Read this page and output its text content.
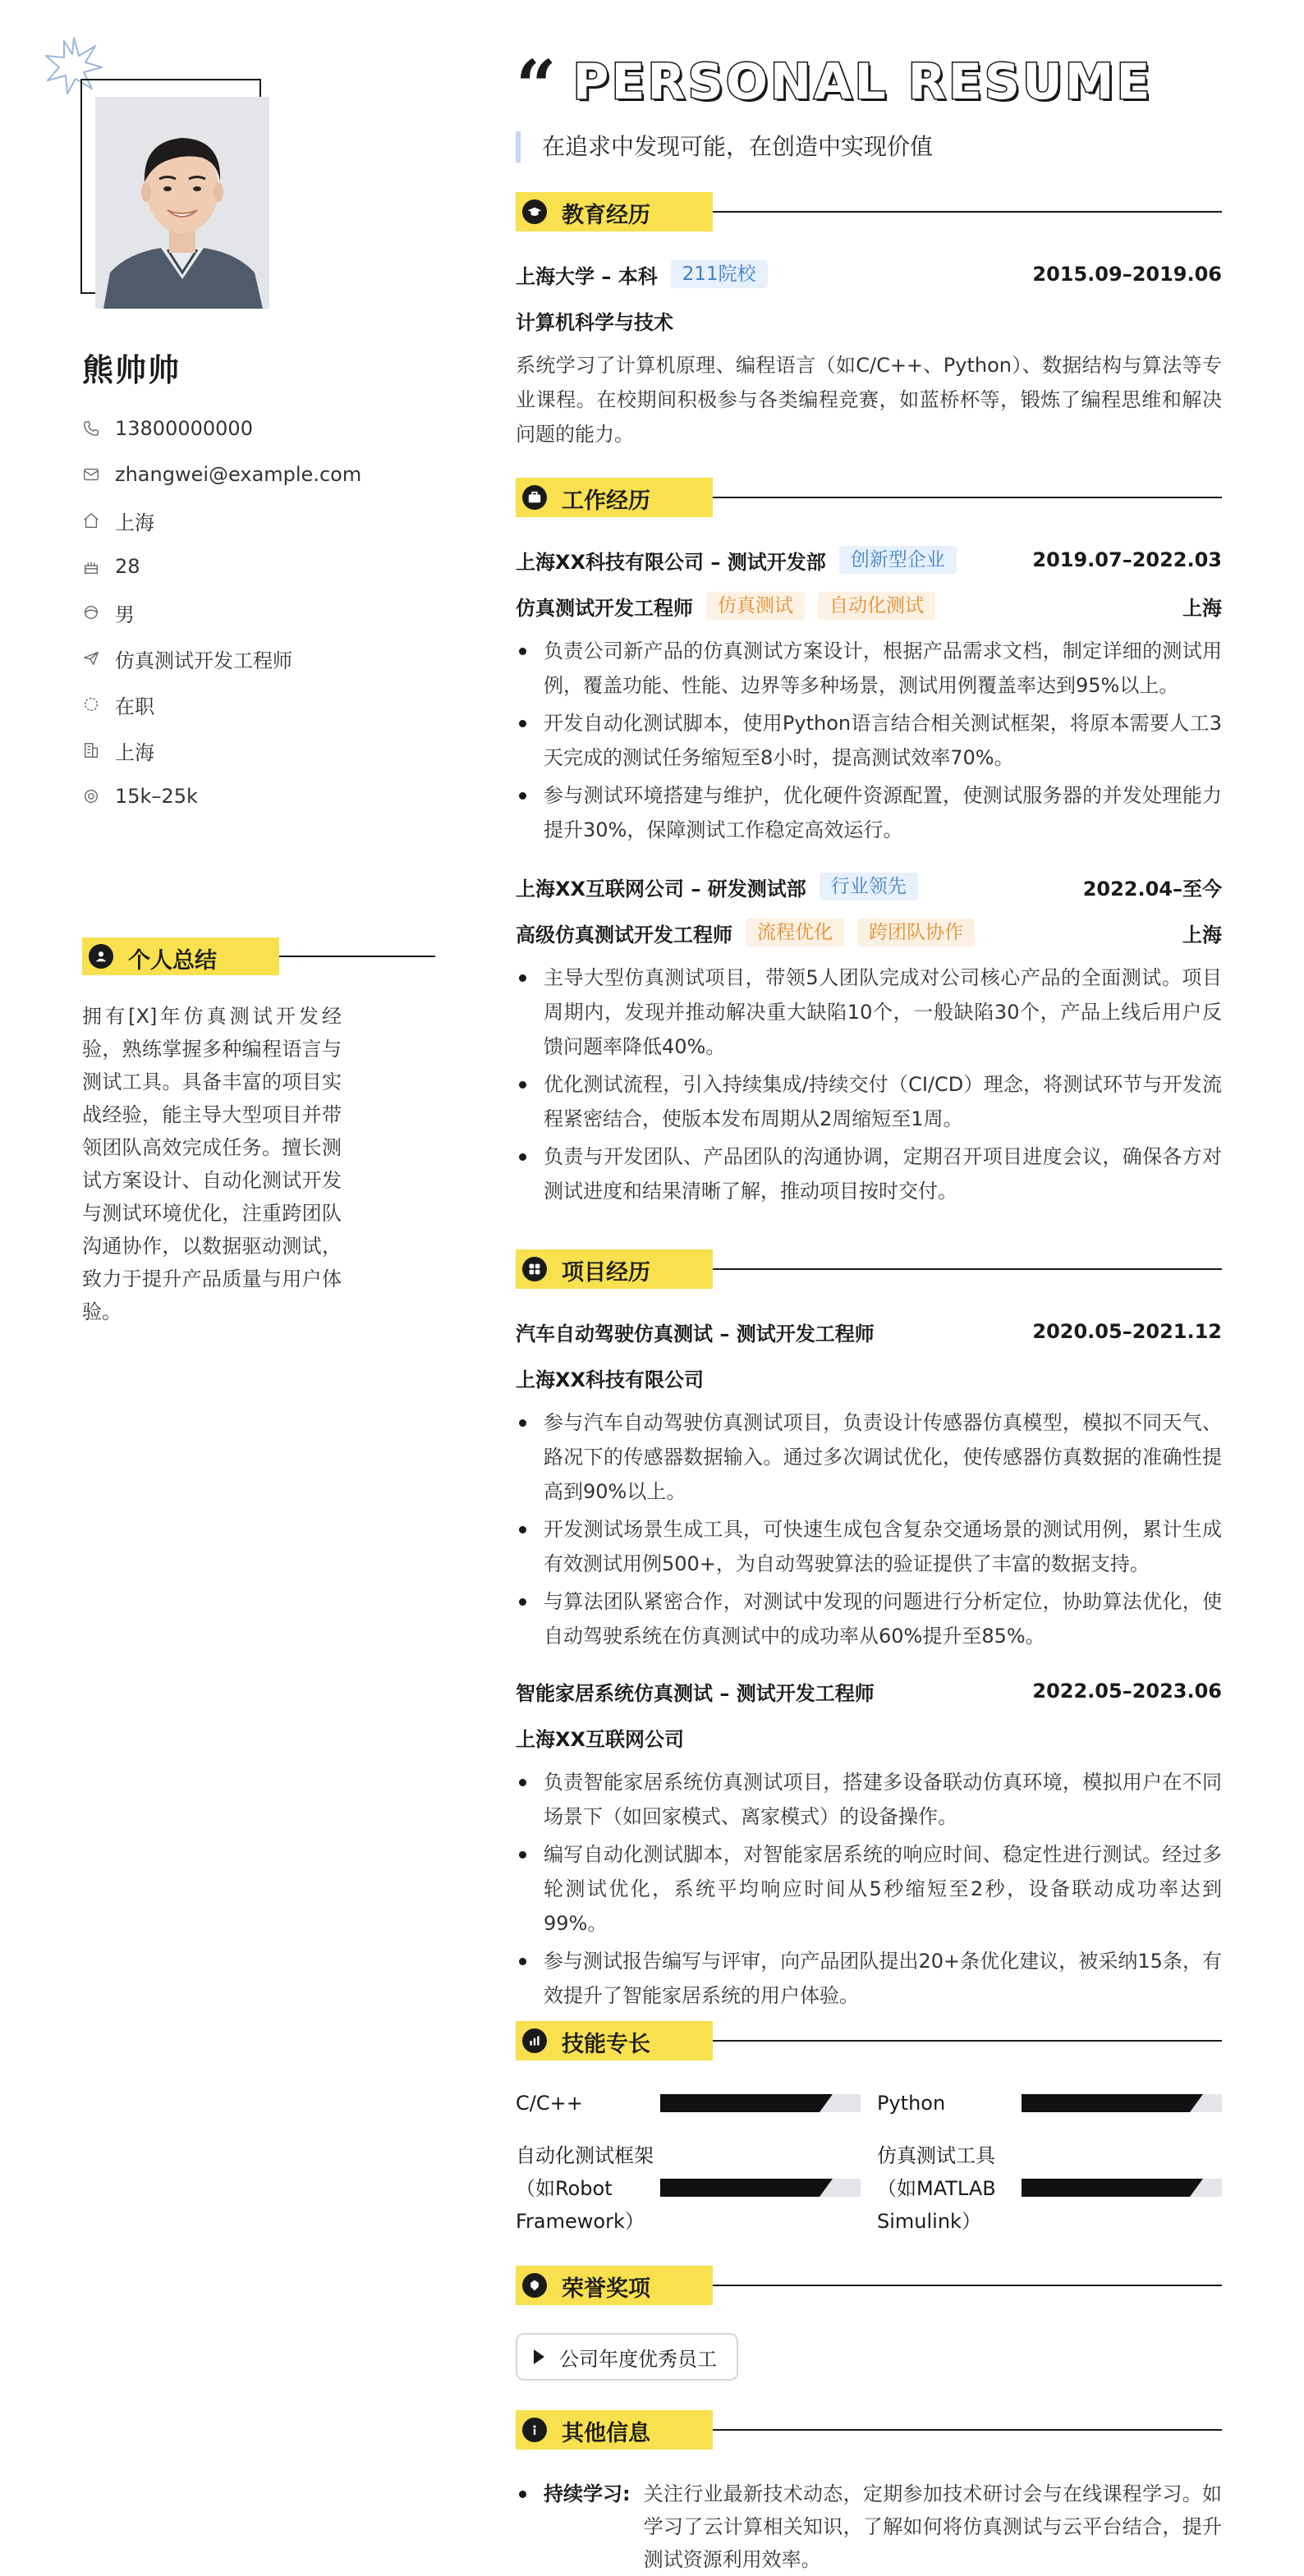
熊帅帅
13800000000
zhangwei@example.com
上海
28
男
仿真测试开发工程师
在职
上海
15k–25k
个人总结
拥有[X]年仿真测试开发经验，熟练掌握多种编程语言与测试工具。具备丰富的项目实战经验，能主导大型项目并带领团队高效完成任务。擅长测试方案设计、自动化测试开发与测试环境优化，注重跨团队沟通协作，以数据驱动测试，致力于提升产品质量与用户体验。
“ PERSONAL RESUME
在追求中发现可能，在创造中实现价值
教育经历
上海大学 – 本科	211院校	2015.09–2019.06
计算机科学与技术
系统学习了计算机原理、编程语言（如C/C++、Python）、数据结构与算法等专业课程。在校期间积极参与各类编程竞赛，如蓝桥杯等，锻炼了编程思维和解决问题的能力。
工作经历
上海XX科技有限公司 – 测试开发部	创新型企业	2019.07–2022.03
仿真测试开发工程师	仿真测试	自动化测试	上海
负责公司新产品的仿真测试方案设计，根据产品需求文档，制定详细的测试用例，覆盖功能、性能、边界等多种场景，测试用例覆盖率达到95%以上。
开发自动化测试脚本，使用Python语言结合相关测试框架，将原本需要人工3天完成的测试任务缩短至8小时，提高测试效率70%。
参与测试环境搭建与维护，优化硬件资源配置，使测试服务器的并发处理能力提升30%，保障测试工作稳定高效运行。
上海XX互联网公司 – 研发测试部	行业领先	2022.04–至今
高级仿真测试开发工程师	流程优化	跨团队协作	上海
主导大型仿真测试项目，带领5人团队完成对公司核心产品的全面测试。项目周期内，发现并推动解决重大缺陷10个，一般缺陷30个，产品上线后用户反馈问题率降低40%。
优化测试流程，引入持续集成/持续交付（CI/CD）理念，将测试环节与开发流程紧密结合，使版本发布周期从2周缩短至1周。
负责与开发团队、产品团队的沟通协调，定期召开项目进度会议，确保各方对测试进度和结果清晰了解，推动项目按时交付。
项目经历
汽车自动驾驶仿真测试 – 测试开发工程师	2020.05–2021.12
上海XX科技有限公司
参与汽车自动驾驶仿真测试项目，负责设计传感器仿真模型，模拟不同天气、路况下的传感器数据输入。通过多次调试优化，使传感器仿真数据的准确性提高到90%以上。
开发测试场景生成工具，可快速生成包含复杂交通场景的测试用例，累计生成有效测试用例500+，为自动驾驶算法的验证提供了丰富的数据支持。
与算法团队紧密合作，对测试中发现的问题进行分析定位，协助算法优化，使自动驾驶系统在仿真测试中的成功率从60%提升至85%。
智能家居系统仿真测试 – 测试开发工程师	2022.05–2023.06
上海XX互联网公司
负责智能家居系统仿真测试项目，搭建多设备联动仿真环境，模拟用户在不同场景下（如回家模式、离家模式）的设备操作。
编写自动化测试脚本，对智能家居系统的响应时间、稳定性进行测试。经过多轮测试优化，系统平均响应时间从5秒缩短至2秒，设备联动成功率达到99%。
参与测试报告编写与评审，向产品团队提出20+条优化建议，被采纳15条，有效提升了智能家居系统的用户体验。
技能专长
C/C++	Python
自动化测试框架（如Robot Framework）
仿真测试工具（如MATLAB Simulink）
荣誉奖项
公司年度优秀员工
其他信息
持续学习: 关注行业最新技术动态，定期参加技术研讨会与在线课程学习。如学习了云计算相关知识，了解如何将仿真测试与云平台结合，提升测试资源利用效率。
